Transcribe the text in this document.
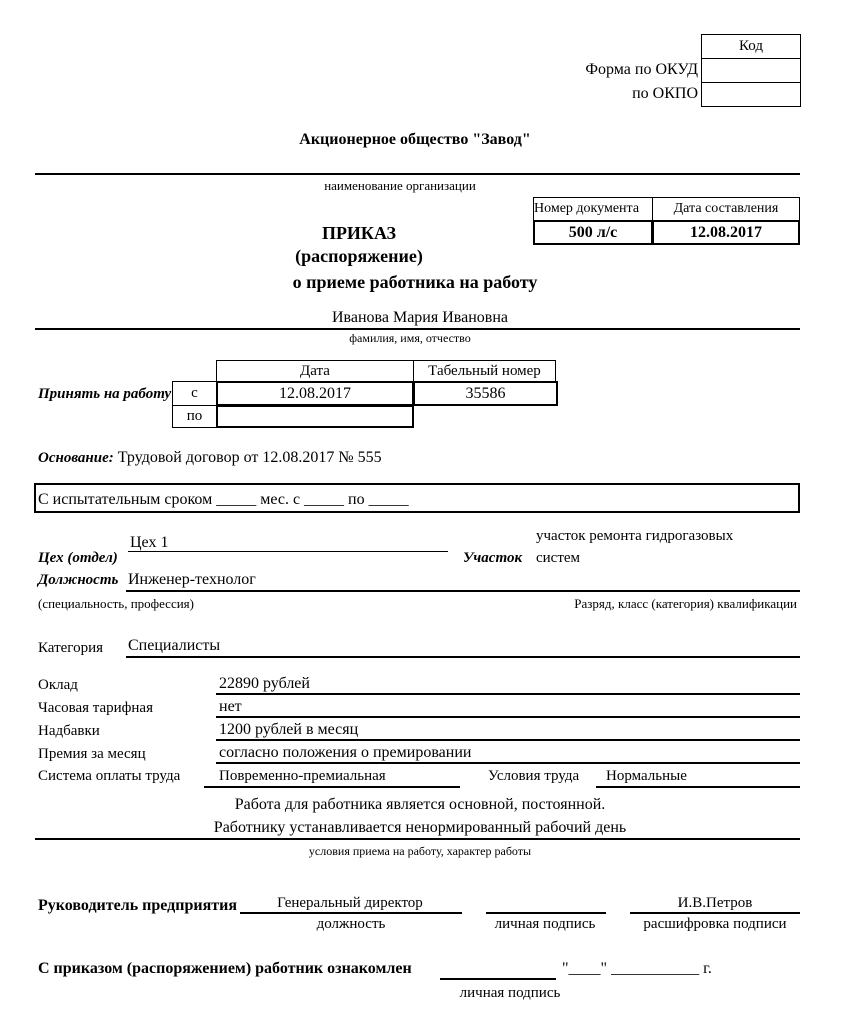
Код
Форма по ОКУД
по ОКПО
Акционерное общество "Завод"
наименование организации
Номер документа	Дата составления
500 л/с	12.08.2017
ПРИКАЗ
(распоряжение)
о приеме работника на работу
Иванова Мария Ивановна
фамилия, имя, отчество
Принять на работу
Дата	Табельный номер
с	12.08.2017	35586
по
Основание: Трудовой договор от 12.08.2017 № 555
С испытательным сроком _____ мес. с _____ по _____
Цех 1
Цех (отдел)	Участок
участок ремонта гидрогазовых
систем
Должность Инженер-технолог
(специальность, профессия)	Разряд, класс (категория) квалификации
Категория Специалисты
Оклад	22890 рублей
Часовая тарифная	нет
Надбавки	1200 рублей в месяц
Премия за месяц	согласно положения о премировании
Система оплаты труда	Повременно-премиальная	Условия труда Нормальные
Работа для работника является основной, постоянной.
Работнику устанавливается ненормированный рабочий день
условия приема на работу, характер работы
Руководитель предприятия	Генеральный директор	И.В.Петров
должность	личная подпись	расшифровка подписи
С приказом (распоряжением) работник ознакомлен	"____" ___________ г.
личная подпись
